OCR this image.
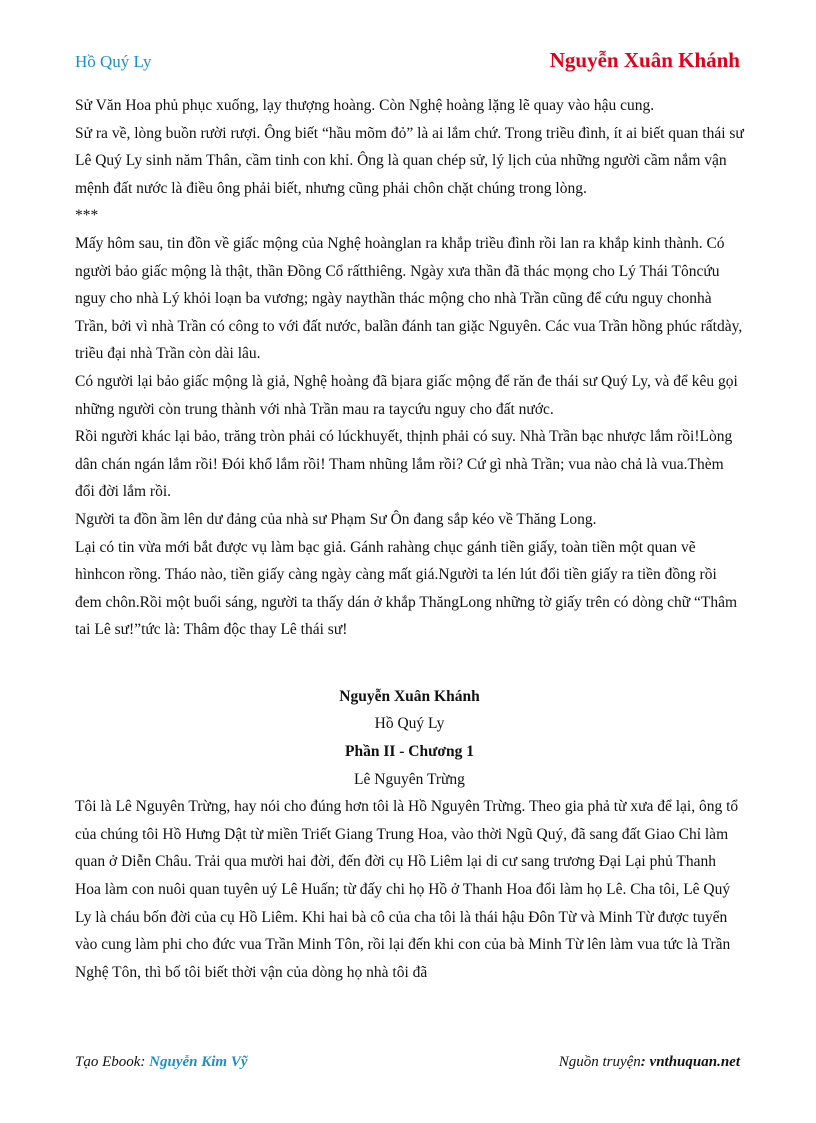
Hồ Quý Ly	Nguyễn Xuân Khánh

Sử Văn Hoa phủ phục xuống, lạy thượng hoàng. Còn Nghệ hoàng lặng lẽ quay vào hậu cung.

Sử ra về, lòng buồn rười rượi. Ông biết “hầu mõm đỏ” là ai lắm chứ. Trong triều đình, ít ai biết quan thái sư Lê Quý Ly sinh năm Thân, cầm tinh con khỉ. Ông là quan chép sử, lý lịch của những người cầm nắm vận mệnh đất nước là điều ông phải biết, nhưng cũng phải chôn chặt chúng trong lòng.

***

Mấy hôm sau, tin đồn về giấc mộng của Nghệ hoànglan ra khắp triều đình rồi lan ra khắp kinh thành. Có người bảo giấc mộng là thật, thần Đồng Cổ rấtthiêng. Ngày xưa thần đã thác mọng cho Lý Thái Tôncứu nguy cho nhà Lý khỏi loạn ba vương; ngày naythần thác mộng cho nhà Trần cũng để cứu nguy chonhà Trần, bởi vì nhà Trần có công to với đất nước, balần đánh tan giặc Nguyên. Các vua Trần hồng phúc rấtdày, triều đại nhà Trần còn dài lâu.

Có người lại bảo giấc mộng là giả, Nghệ hoàng đã bịara giấc mộng để răn đe thái sư Quý Ly, và để kêu gọi những người còn trung thành với nhà Trần mau ra taycứu nguy cho đất nước.

Rồi người khác lại bảo, trăng tròn phải có lúckhuyết, thịnh phải có suy. Nhà Trần bạc nhược lắm rồi!Lòng dân chán ngán lắm rồi! Đói khổ lắm rồi! Tham nhũng lắm rồi? Cứ gì nhà Trần; vua nào chả là vua.Thèm đổi đời lắm rồi.

Người ta đồn ầm lên dư đảng của nhà sư Phạm Sư Ôn đang sắp kéo về Thăng Long.

Lại có tin vừa mới bắt được vụ làm bạc giả. Gánh rahàng chục gánh tiền giấy, toàn tiền một quan vẽ hìnhcon rồng. Tháo nào, tiền giấy càng ngày càng mất giá.Người ta lén lút đổi tiền giấy ra tiền đồng rồi đem chôn.Rồi một buổi sáng, người ta thấy dán ở khắp ThăngLong những tờ giấy trên có dòng chữ “Thâm tai Lê sư!”tức là: Thâm độc thay Lê thái sư!

Nguyễn Xuân Khánh

Hồ Quý Ly

Phần II - Chương 1

Lê Nguyên Trừng

Tôi là Lê Nguyên Trừng, hay nói cho đúng hơn tôi là Hồ Nguyên Trừng. Theo gia phả từ xưa để lại, ông tổ của chúng tôi Hồ Hưng Dật từ miền Triết Giang Trung Hoa, vào thời Ngũ Quý, đã sang đất Giao Chỉ làm quan ở Diễn Châu. Trải qua mười hai đời, đến đời cụ Hồ Liêm lại di cư sang trương Đại Lại phủ Thanh Hoa làm con nuôi quan tuyên uý Lê Huấn; từ đấy chi họ Hồ ở Thanh Hoa đổi làm họ Lê. Cha tôi, Lê Quý Ly là cháu bốn đời của cụ Hồ Liêm. Khi hai bà cô của cha tôi là thái hậu Đôn Từ và Minh Từ được tuyển vào cung làm phi cho đức vua Trần Minh Tôn, rồi lại đến khi con của bà Minh Từ lên làm vua tức là Trần Nghệ Tôn, thì bố tôi biết thời vận của dòng họ nhà tôi đã

Tạo Ebook: Nguyễn Kim Vỹ	Nguồn truyện: vnthuquan.net
